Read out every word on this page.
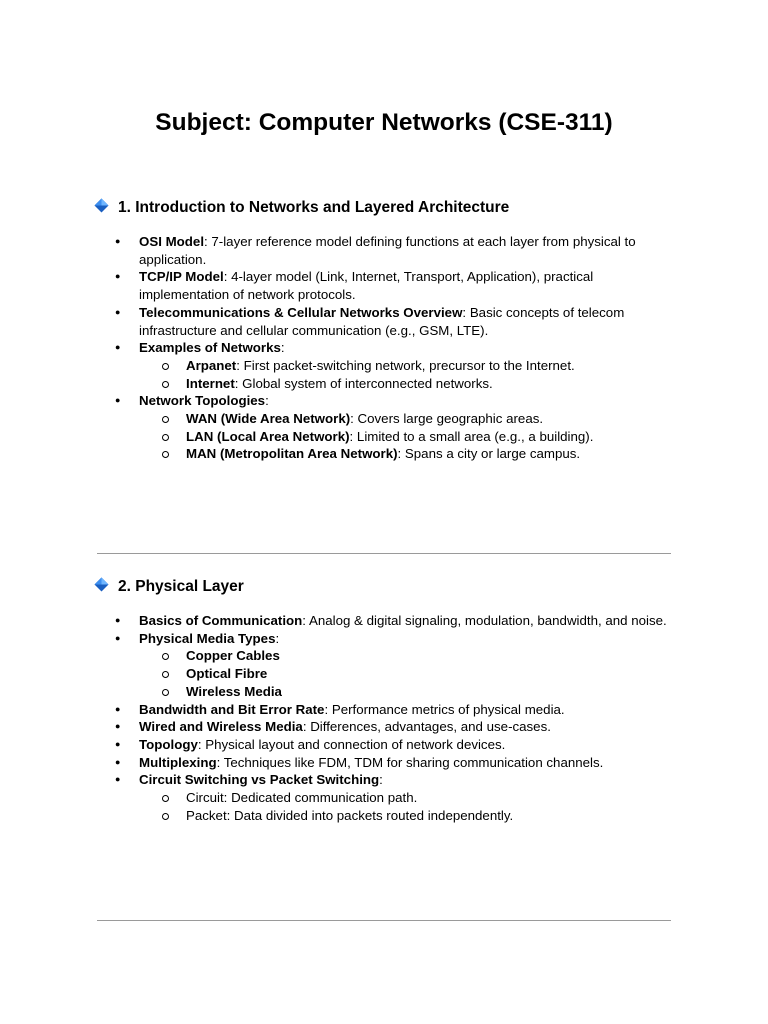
Subject: Computer Networks (CSE-311)
1. Introduction to Networks and Layered Architecture
● OSI Model: 7-layer reference model defining functions at each layer from physical to application.
● TCP/IP Model: 4-layer model (Link, Internet, Transport, Application), practical implementation of network protocols.
● Telecommunications & Cellular Networks Overview: Basic concepts of telecom infrastructure and cellular communication (e.g., GSM, LTE).
● Examples of Networks:
Arpanet: First packet-switching network, precursor to the Internet.
Internet: Global system of interconnected networks.
● Network Topologies:
WAN (Wide Area Network): Covers large geographic areas.
LAN (Local Area Network): Limited to a small area (e.g., a building).
MAN (Metropolitan Area Network): Spans a city or large campus.
2. Physical Layer
● Basics of Communication: Analog & digital signaling, modulation, bandwidth, and noise.
● Physical Media Types:
Copper Cables
Optical Fibre
Wireless Media
● Bandwidth and Bit Error Rate: Performance metrics of physical media.
● Wired and Wireless Media: Differences, advantages, and use-cases.
● Topology: Physical layout and connection of network devices.
● Multiplexing: Techniques like FDM, TDM for sharing communication channels.
● Circuit Switching vs Packet Switching:
Circuit: Dedicated communication path.
Packet: Data divided into packets routed independently.
